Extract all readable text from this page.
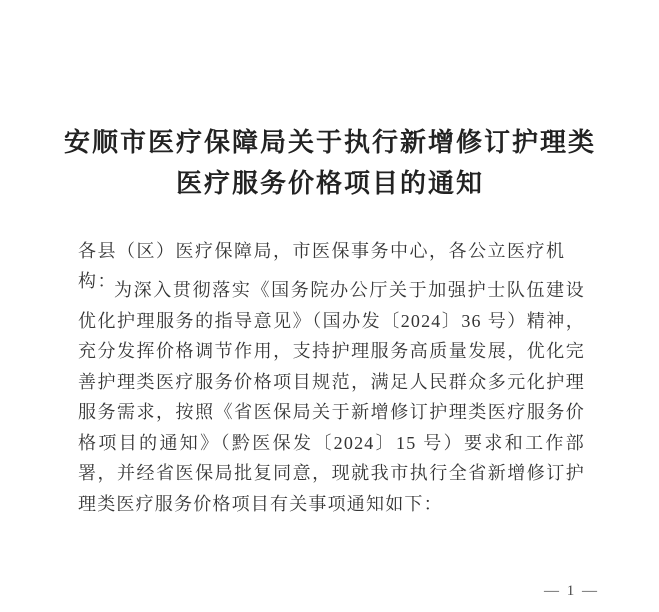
安顺市医疗保障局关于执行新增修订护理类
医疗服务价格项目的通知
各县（区）医疗保障局，市医保事务中心，各公立医疗机构：

为深入贯彻落实《国务院办公厅关于加强护士队伍建设优化护理服务的指导意见》（国办发〔2024〕36 号）精神，充分发挥价格调节作用，支持护理服务高质量发展，优化完善护理类医疗服务价格项目规范，满足人民群众多元化护理服务需求，按照《省医保局关于新增修订护理类医疗服务价格项目的通知》（黔医保发〔2024〕15 号）要求和工作部署，并经省医保局批复同意，现就我市执行全省新增修订护理类医疗服务价格项目有关事项通知如下：

— 1 —
